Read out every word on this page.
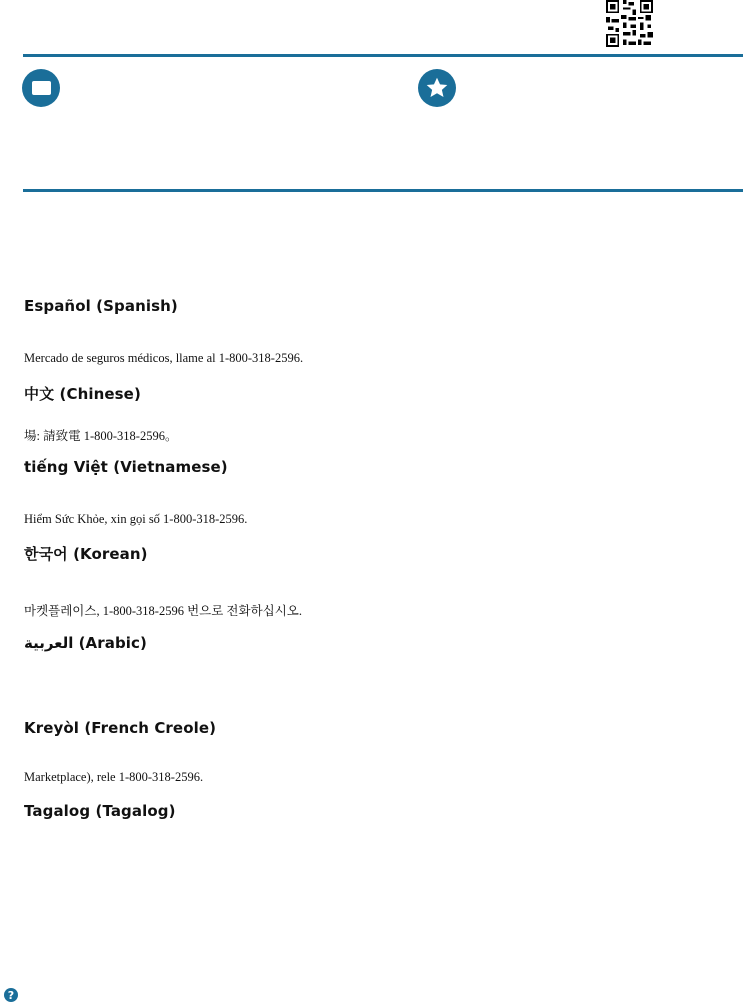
Español (Spanish)

Mercado de seguros médicos, llame al 1-800-318-2596.

中文 (Chinese)

場: 請致電 1-800-318-2596。

tiếng Việt (Vietnamese)

Hiểm Sức Khỏe, xin gọi số 1-800-318-2596.

한국어 (Korean)

마켓플레이스, 1-800-318-2596 번으로 전화하십시오.

العربية (Arabic)

Kreyòl (French Creole)

Marketplace), rele 1-800-318-2596.

Tagalog (Tagalog)

?
